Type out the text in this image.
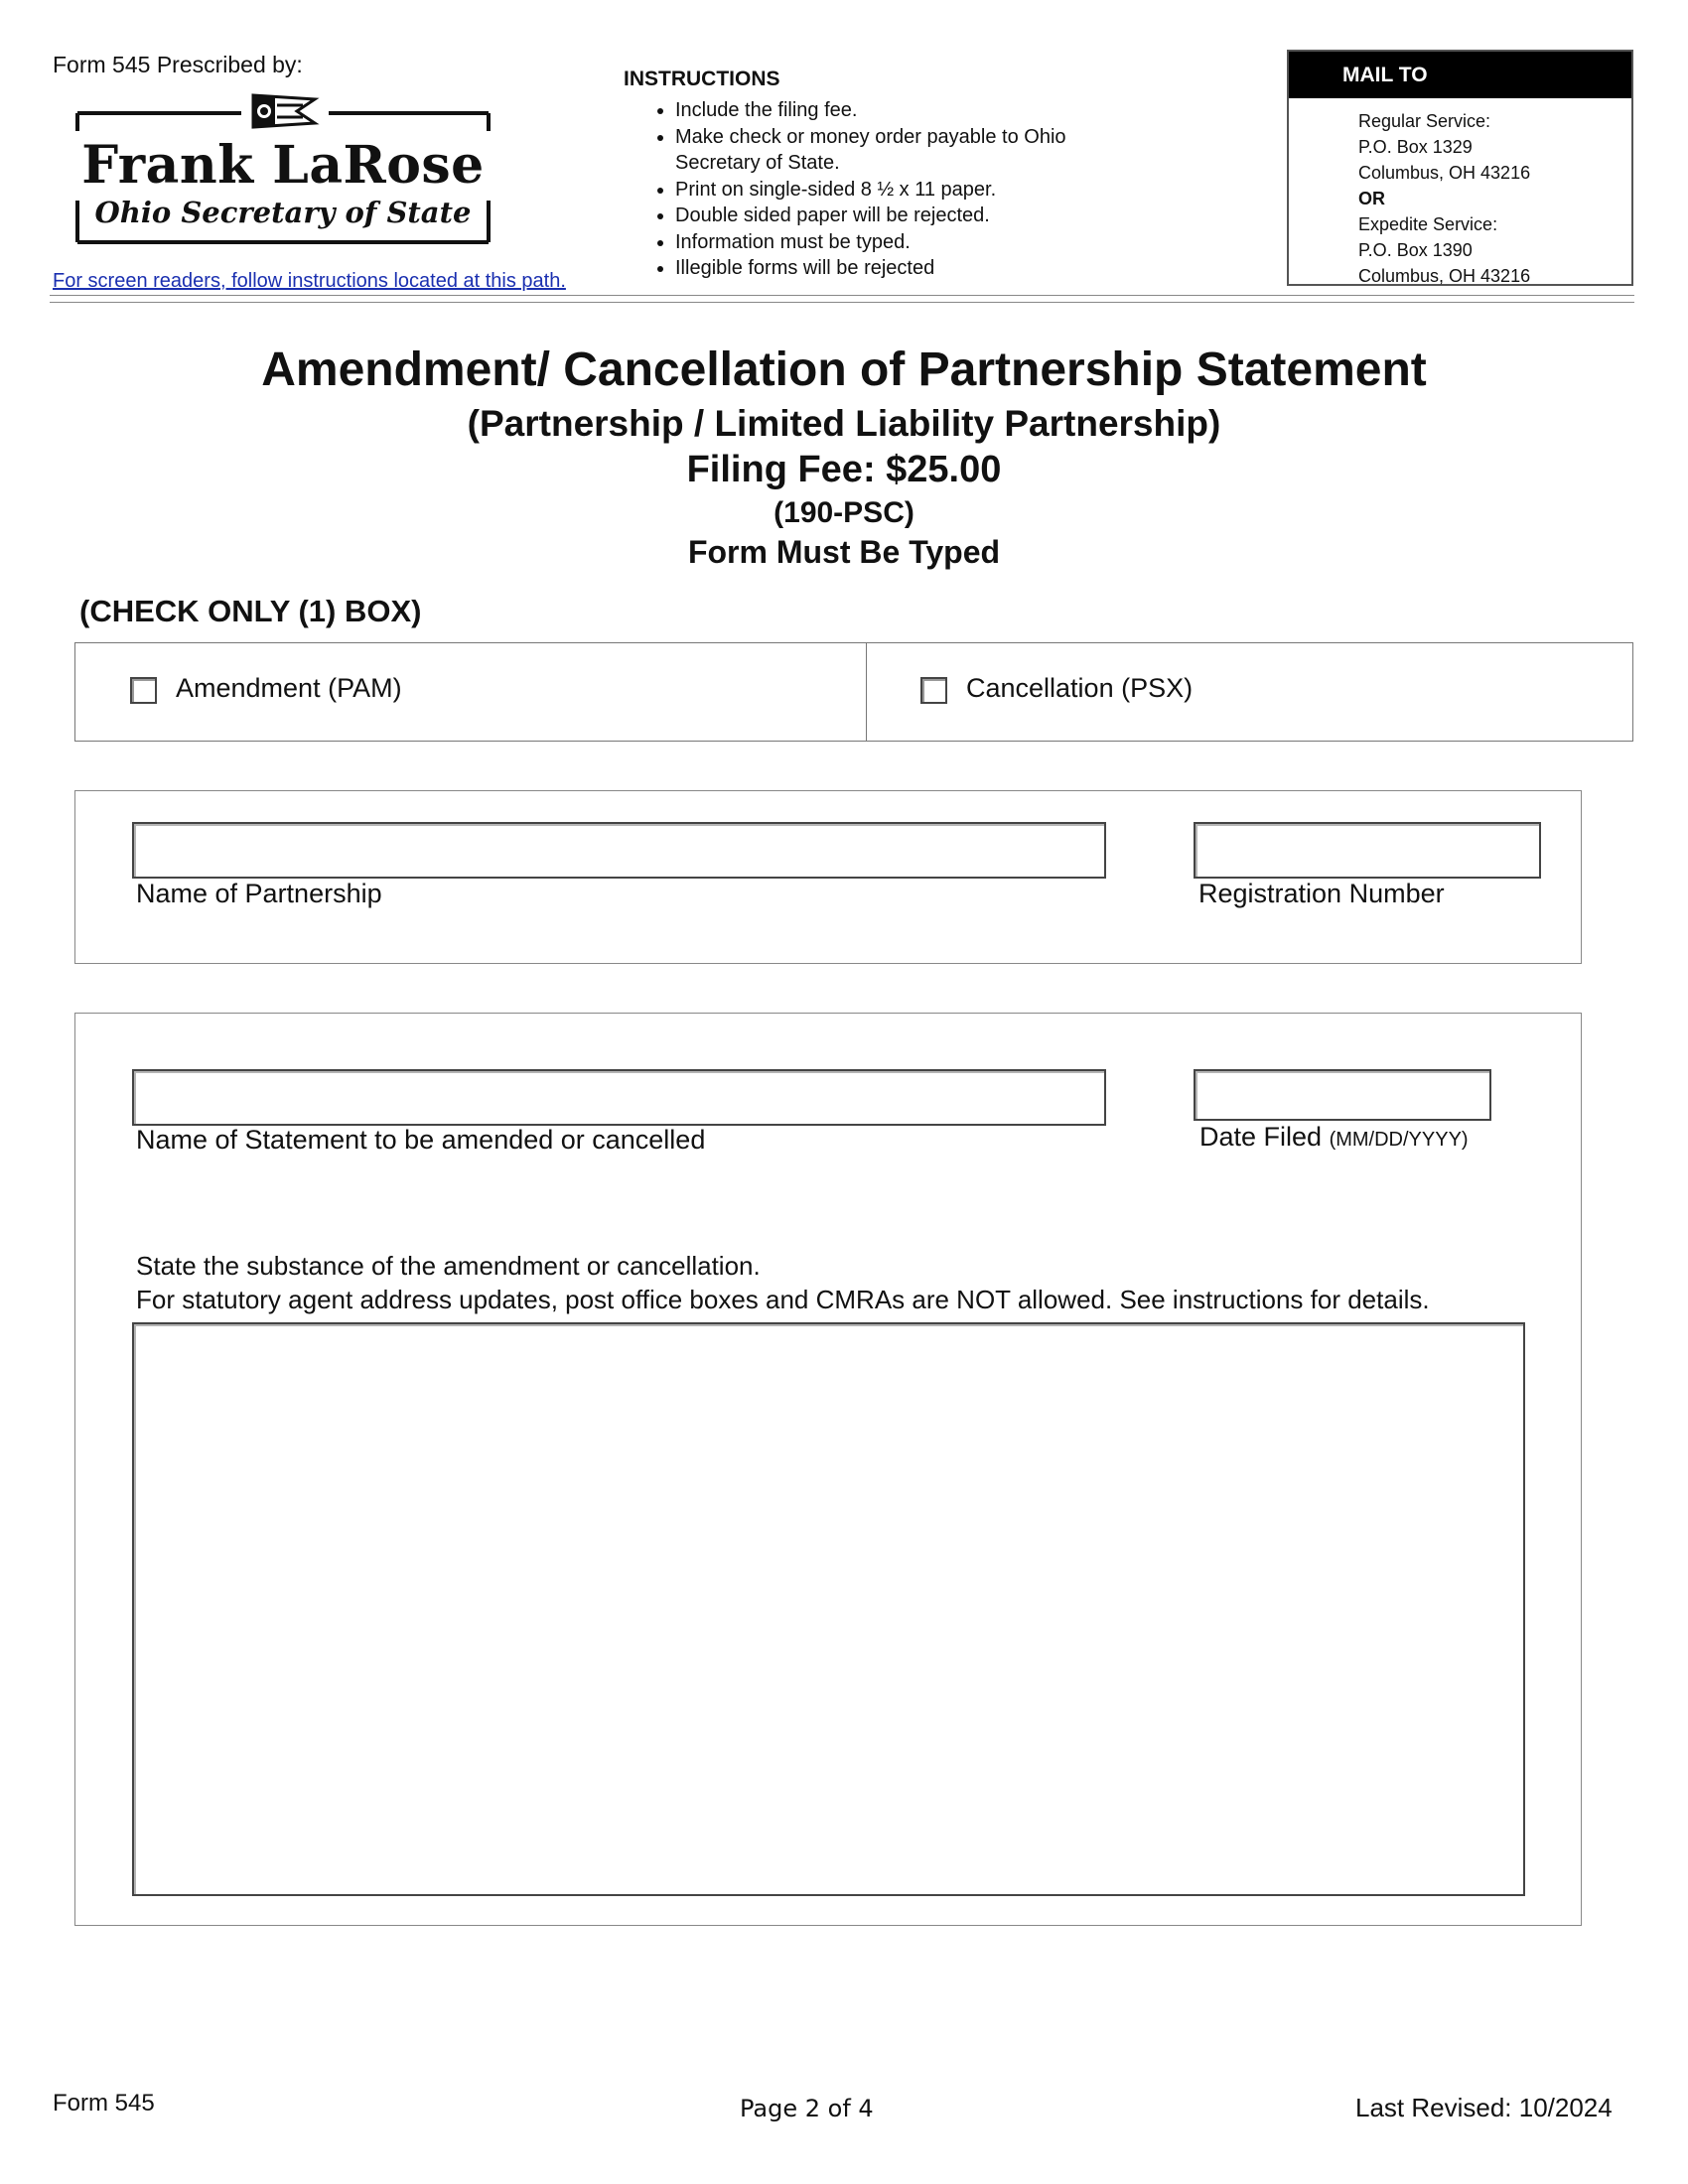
Form 545 Prescribed by:
Frank LaRose
Ohio Secretary of State
For screen readers, follow instructions located at this path.
INSTRUCTIONS
• Include the filing fee.
• Make check or money order payable to Ohio Secretary of State.
• Print on single-sided 8 ½ x 11 paper.
• Double sided paper will be rejected.
• Information must be typed.
• Illegible forms will be rejected
MAIL TO
Regular Service:
P.O. Box 1329
Columbus, OH 43216
OR
Expedite Service:
P.O. Box 1390
Columbus, OH 43216
Amendment/ Cancellation of Partnership Statement
(Partnership / Limited Liability Partnership)
Filing Fee: $25.00
(190-PSC)
Form Must Be Typed
(CHECK ONLY (1) BOX)
Amendment (PAM)	Cancellation (PSX)
Name of Partnership	Registration Number
Name of Statement to be amended or cancelled	Date Filed (MM/DD/YYYY)
State the substance of the amendment or cancellation.
For statutory agent address updates, post office boxes and CMRAs are NOT allowed. See instructions for details.
Form 545	Page 2 of 4	Last Revised: 10/2024
